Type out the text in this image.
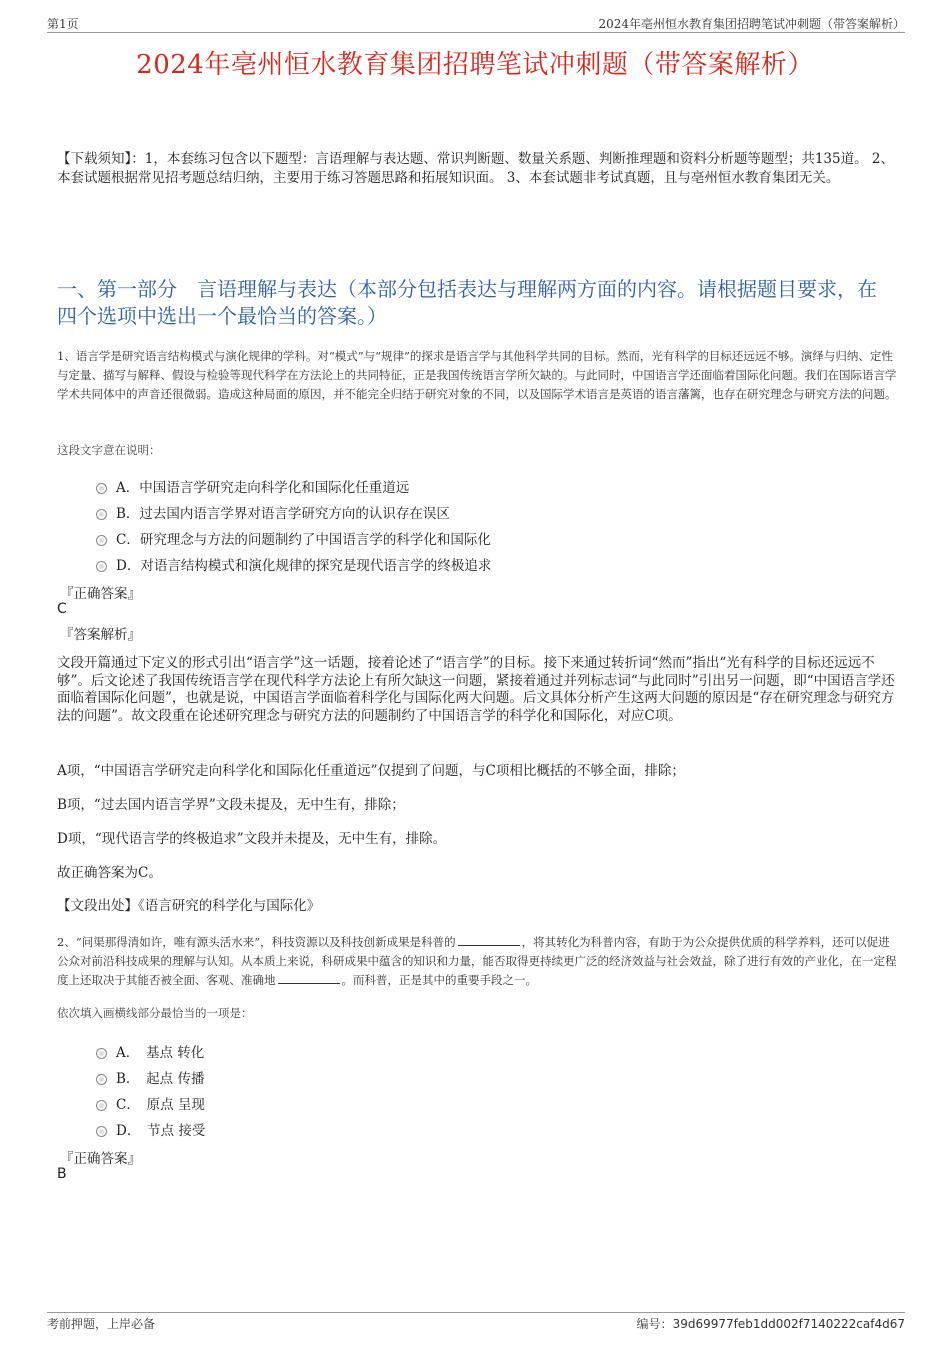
第1页	2024年亳州恒水教育集团招聘笔试冲刺题（带答案解析）
2024年亳州恒水教育集团招聘笔试冲刺题（带答案解析）
【下载须知】：1，本套练习包含以下题型：言语理解与表达题、常识判断题、数量关系题、判断推理题和资料分析题等题型；共135道。 2、本套试题根据常见招考题总结归纳，主要用于练习答题思路和拓展知识面。 3、本套试题非考试真题，且与亳州恒水教育集团无关。
一、第一部分　言语理解与表达（本部分包括表达与理解两方面的内容。请根据题目要求，在四个选项中选出一个最恰当的答案。）
1、语言学是研究语言结构模式与演化规律的学科。对“模式”与“规律”的探求是语言学与其他科学共同的目标。然而，光有科学的目标还远远不够。演绎与归纳、定性与定量、描写与解释、假设与检验等现代科学在方法论上的共同特征，正是我国传统语言学所欠缺的。与此同时，中国语言学还面临着国际化问题。我们在国际语言学学术共同体中的声音还很微弱。造成这种局面的原因，并不能完全归结于研究对象的不同，以及国际学术语言是英语的语言藩篱，也存在研究理念与研究方法的问题。
这段文字意在说明：
A．中国语言学研究走向科学化和国际化任重道远
B．过去国内语言学界对语言学研究方向的认识存在误区
C．研究理念与方法的问题制约了中国语言学的科学化和国际化
D．对语言结构模式和演化规律的探究是现代语言学的终极追求
『正确答案』
C
『答案解析』
文段开篇通过下定义的形式引出“语言学”这一话题，接着论述了“语言学”的目标。接下来通过转折词“然而”指出“光有科学的目标还远远不够”。后文论述了我国传统语言学在现代科学方法论上有所欠缺这一问题，紧接着通过并列标志词“与此同时”引出另一问题，即“中国语言学还面临着国际化问题”，也就是说，中国语言学面临着科学化与国际化两大问题。后文具体分析产生这两大问题的原因是“存在研究理念与研究方法的问题”。故文段重在论述研究理念与研究方法的问题制约了中国语言学的科学化和国际化，对应C项。
A项，“中国语言学研究走向科学化和国际化任重道远”仅提到了问题，与C项相比概括的不够全面，排除；
B项，“过去国内语言学界”文段未提及，无中生有，排除；
D项，“现代语言学的终极追求”文段并未提及，无中生有，排除。
故正确答案为C。
【文段出处】《语言研究的科学化与国际化》
2、“问渠那得清如许，唯有源头活水来”，科技资源以及科技创新成果是科普的	，将其转化为科普内容，有助于为公众提供优质的科学养料，还可以促进公众对前沿科技成果的理解与认知。从本质上来说，科研成果中蕴含的知识和力量，能否取得更持续更广泛的经济效益与社会效益，除了进行有效的产业化，在一定程度上还取决于其能否被全面、客观、准确地	。而科普，正是其中的重要手段之一。
依次填入画横线部分最恰当的一项是：
A．　基点 转化
B．　起点 传播
C．　原点 呈现
D．　节点 接受
『正确答案』
B
考前押题，上岸必备	编号：39d69977feb1dd002f7140222caf4d67
